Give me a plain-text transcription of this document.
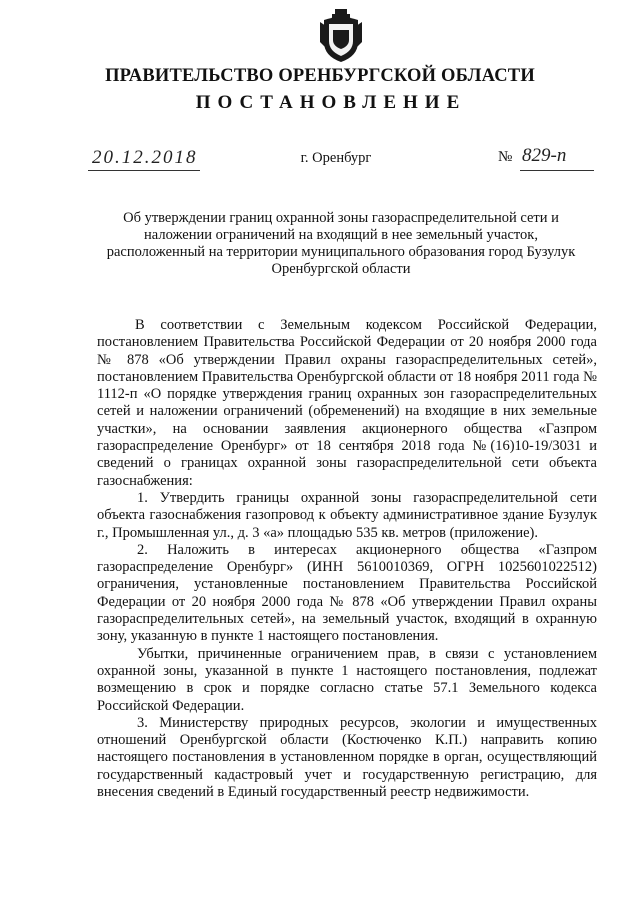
ПРАВИТЕЛЬСТВО ОРЕНБУРГСКОЙ ОБЛАСТИ
ПОСТАНОВЛЕНИЕ
20.12.2018	г. Оренбург	№ 829-п
Об утверждении границ охранной зоны газораспределительной сети и наложении ограничений на входящий в нее земельный участок, расположенный на территории муниципального образования город Бузулук Оренбургской области

В соответствии с Земельным кодексом Российской Федерации, постановлением Правительства Российской Федерации от 20 ноября 2000 года № 878 «Об утверждении Правил охраны газораспределительных сетей», постановлением Правительства Оренбургской области от 18 ноября 2011 года № 1112-п «О порядке утверждения границ охранных зон газораспределительных сетей и наложении ограничений (обременений) на входящие в них земельные участки», на основании заявления акционерного общества «Газпром газораспределение Оренбург» от 18 сентября 2018 года №(16)10-19/3031 и сведений о границах охранной зоны газораспределительной сети объекта газоснабжения:

1. Утвердить границы охранной зоны газораспределительной сети объекта газоснабжения газопровод к объекту административное здание Бузулук г., Промышленная ул., д. 3 «а» площадью 535 кв. метров (приложение).

2. Наложить в интересах акционерного общества «Газпром газораспределение Оренбург» (ИНН 5610010369, ОГРН 1025601022512) ограничения, установленные постановлением Правительства Российской Федерации от 20 ноября 2000 года № 878 «Об утверждении Правил охраны газораспределительных сетей», на земельный участок, входящий в охранную зону, указанную в пункте 1 настоящего постановления.

Убытки, причиненные ограничением прав, в связи с установлением охранной зоны, указанной в пункте 1 настоящего постановления, подлежат возмещению в срок и порядке согласно статье 57.1 Земельного кодекса Российской Федерации.

3. Министерству природных ресурсов, экологии и имущественных отношений Оренбургской области (Костюченко К.П.) направить копию настоящего постановления в установленном порядке в орган, осуществляющий государственный кадастровый учет и государственную регистрацию, для внесения сведений в Единый государственный реестр недвижимости.
